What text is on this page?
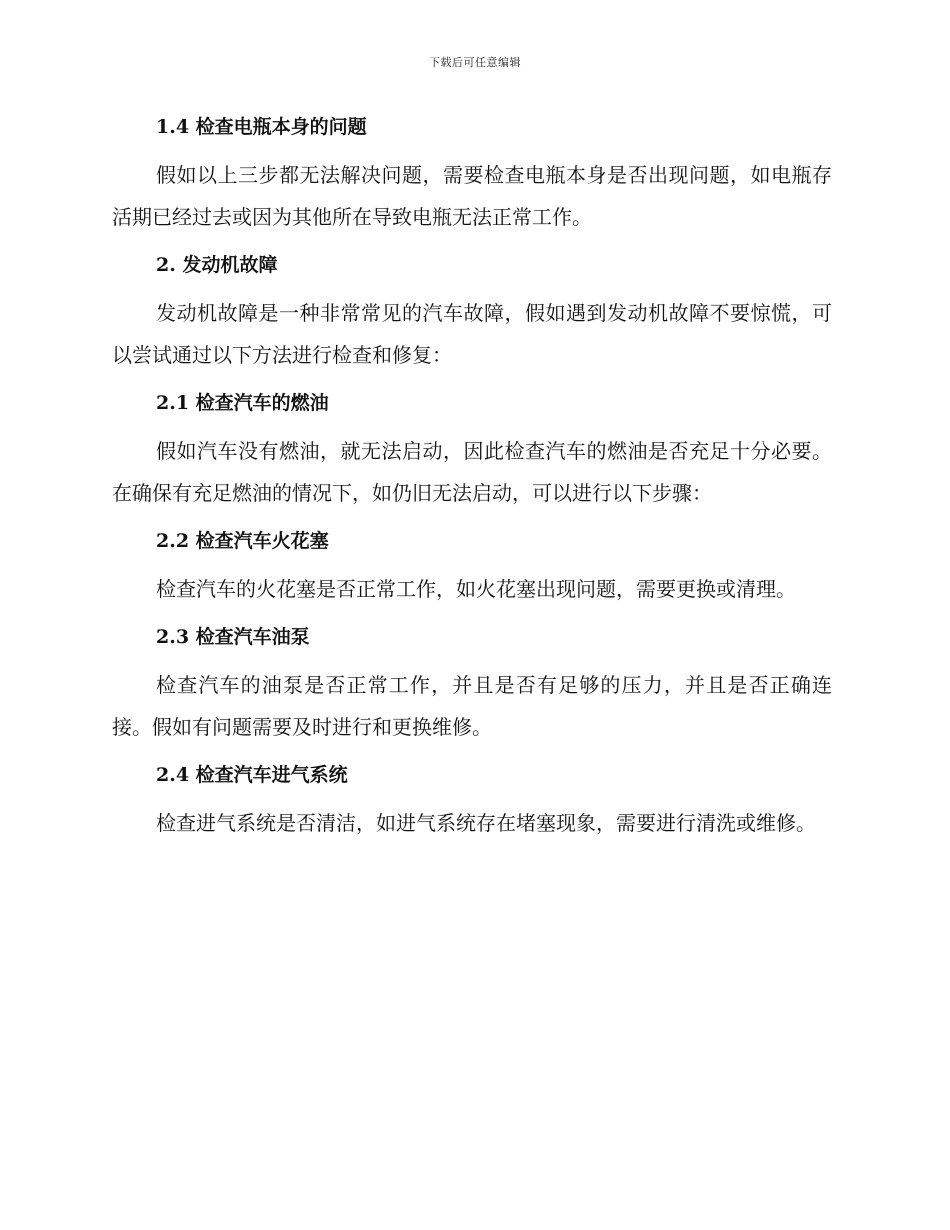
下载后可任意编辑
1.4 检查电瓶本身的问题

假如以上三步都无法解决问题，需要检查电瓶本身是否出现问题，如电瓶存活期已经过去或因为其他所在导致电瓶无法正常工作。

2. 发动机故障

发动机故障是一种非常常见的汽车故障，假如遇到发动机故障不要惊慌，可以尝试通过以下方法进行检查和修复：

2.1 检查汽车的燃油

假如汽车没有燃油，就无法启动，因此检查汽车的燃油是否充足十分必要。在确保有充足燃油的情况下，如仍旧无法启动，可以进行以下步骤：

2.2 检查汽车火花塞

检查汽车的火花塞是否正常工作，如火花塞出现问题，需要更换或清理。

2.3 检查汽车油泵

检查汽车的油泵是否正常工作，并且是否有足够的压力，并且是否正确连接。假如有问题需要及时进行和更换维修。

2.4 检查汽车进气系统

检查进气系统是否清洁，如进气系统存在堵塞现象，需要进行清洗或维修。
